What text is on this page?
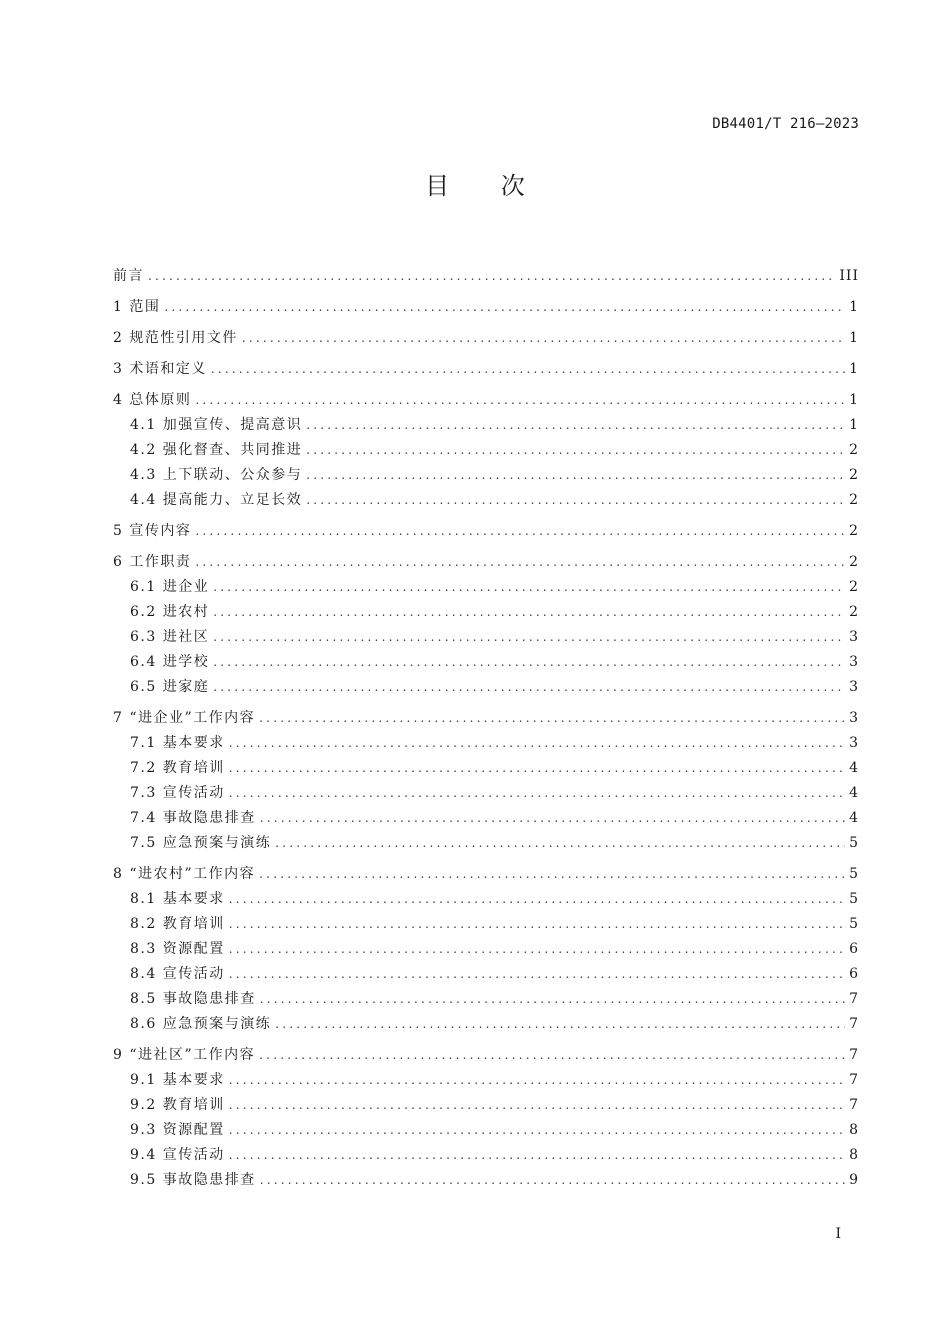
DB4401/T 216—2023
目 次
前言 .....	III
1 范围 .....	1
2 规范性引用文件 .....	1
3 术语和定义 .....	1
4 总体原则 .....	1
4.1 加强宣传、提高意识 .....	1
4.2 强化督查、共同推进 .....	2
4.3 上下联动、公众参与 .....	2
4.4 提高能力、立足长效 .....	2
5 宣传内容 .....	2
6 工作职责 .....	2
6.1 进企业 .....	2
6.2 进农村 .....	2
6.3 进社区 .....	3
6.4 进学校 .....	3
6.5 进家庭 .....	3
7 “进企业”工作内容 .....	3
7.1 基本要求 .....	3
7.2 教育培训 .....	4
7.3 宣传活动 .....	4
7.4 事故隐患排查 .....	4
7.5 应急预案与演练 .....	5
8 “进农村”工作内容 .....	5
8.1 基本要求 .....	5
8.2 教育培训 .....	5
8.3 资源配置 .....	6
8.4 宣传活动 .....	6
8.5 事故隐患排查 .....	7
8.6 应急预案与演练 .....	7
9 “进社区”工作内容 .....	7
9.1 基本要求 .....	7
9.2 教育培训 .....	7
9.3 资源配置 .....	8
9.4 宣传活动 .....	8
9.5 事故隐患排查 .....	9
I
